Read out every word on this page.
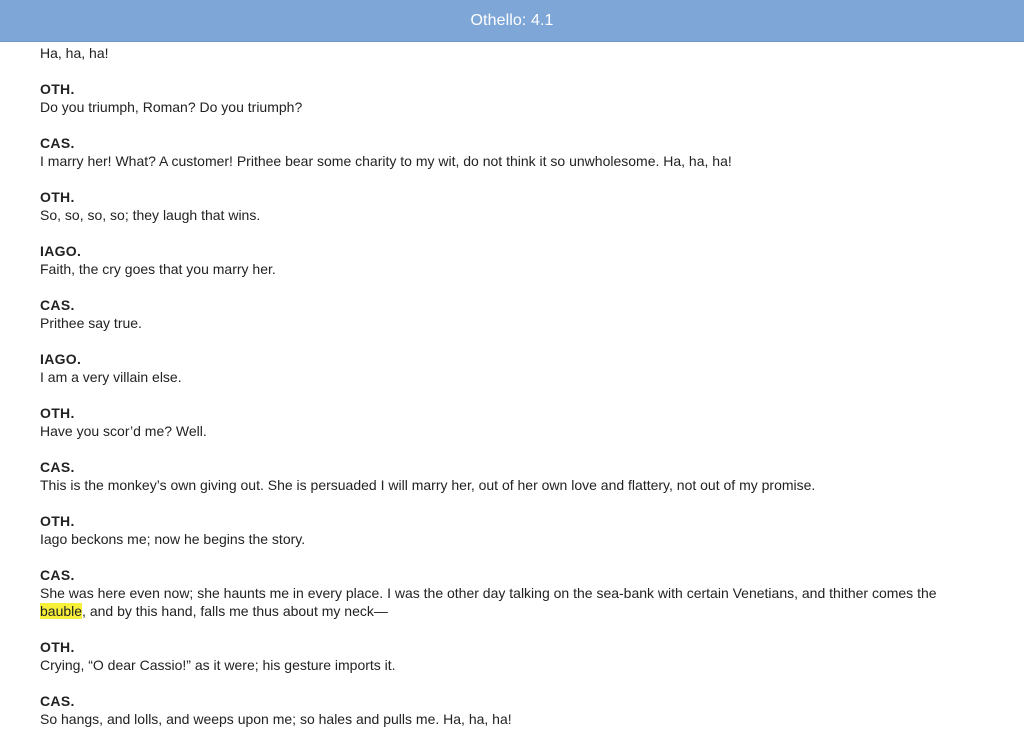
Othello: 4.1

Ha, ha, ha!

OTH.

Do you triumph, Roman? Do you triumph?

CAS.

I marry her! What? A customer! Prithee bear some charity to my wit, do not think it so unwholesome. Ha, ha, ha!

OTH.

So, so, so, so; they laugh that wins.

IAGO.

Faith, the cry goes that you marry her.

CAS.

Prithee say true.

IAGO.

I am a very villain else.

OTH.

Have you scor’d me? Well.

CAS.

This is the monkey’s own giving out. She is persuaded I will marry her, out of her own love and flattery, not out of my promise.

OTH.

Iago beckons me; now he begins the story.

CAS.

She was here even now; she haunts me in every place. I was the other day talking on the sea-bank with certain Venetians, and thither comes the bauble, and by this hand, falls me thus about my neck—

OTH.

Crying, “O dear Cassio!” as it were; his gesture imports it.

CAS.

So hangs, and lolls, and weeps upon me; so hales and pulls me. Ha, ha, ha!
